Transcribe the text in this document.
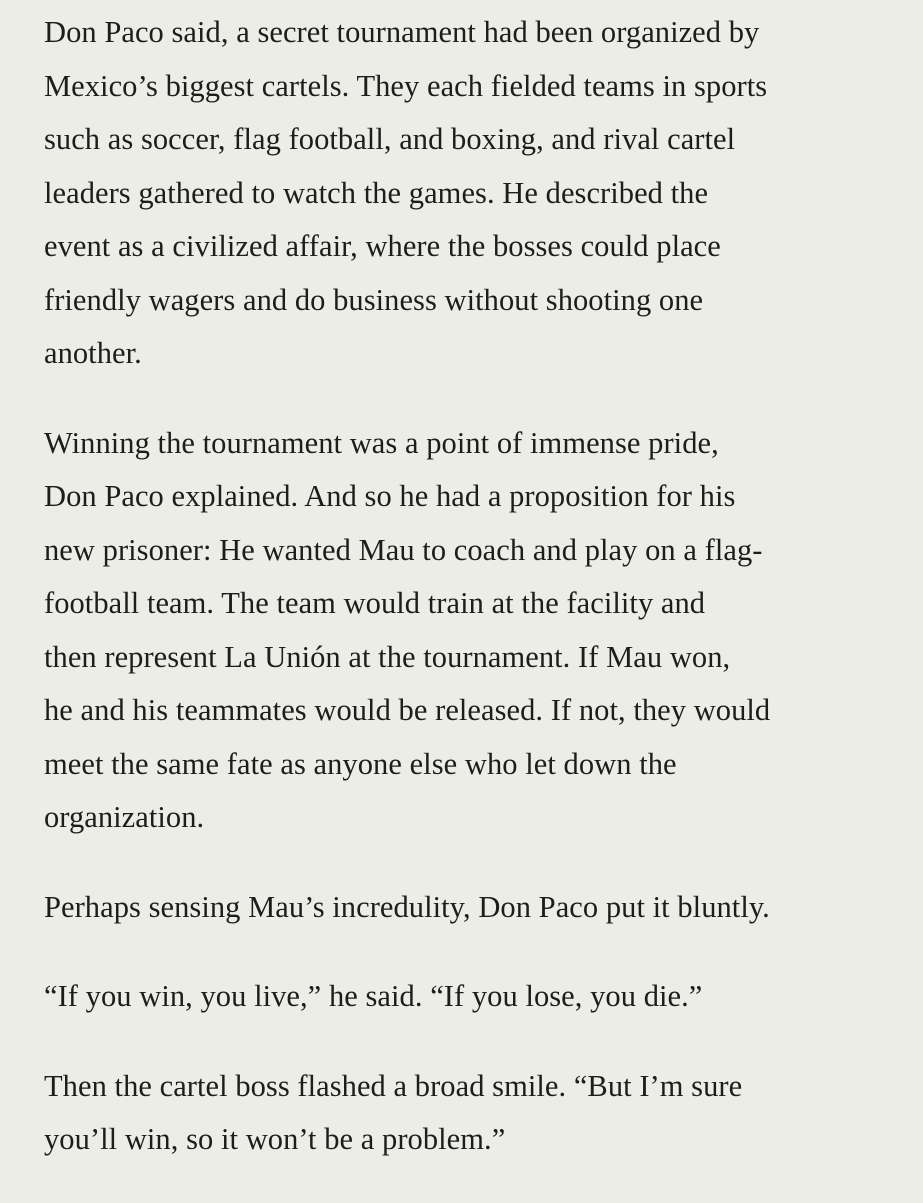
Don Paco said, a secret tournament had been organized by
Mexico’s biggest cartels. They each fielded teams in sports
such as soccer, flag football, and boxing, and rival cartel
leaders gathered to watch the games. He described the
event as a civilized affair, where the bosses could place
friendly wagers and do business without shooting one
another.

Winning the tournament was a point of immense pride,
Don Paco explained. And so he had a proposition for his
new prisoner: He wanted Mau to coach and play on a flag-
football team. The team would train at the facility and
then represent La Unión at the tournament. If Mau won,
he and his teammates would be released. If not, they would
meet the same fate as anyone else who let down the
organization.

Perhaps sensing Mau’s incredulity, Don Paco put it bluntly.

“If you win, you live,” he said. “If you lose, you die.”

Then the cartel boss flashed a broad smile. “But I’m sure
you’ll win, so it won’t be a problem.”
